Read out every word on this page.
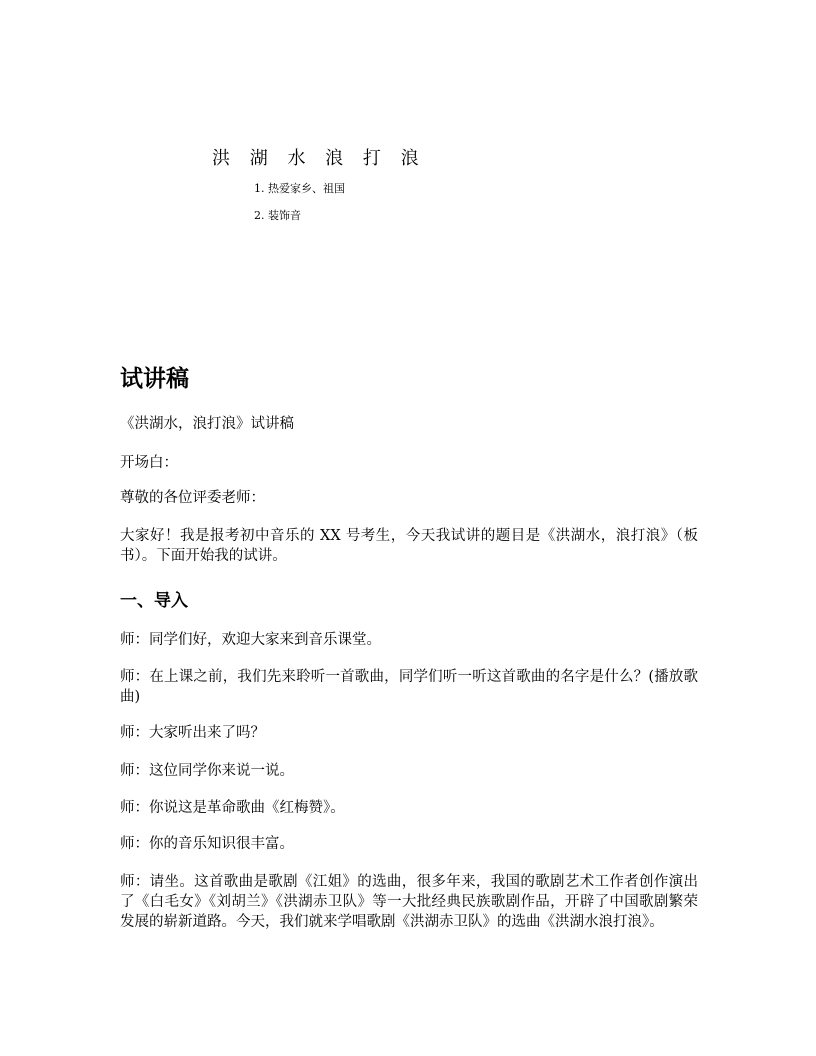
洪 湖 水 浪 打 浪
1. 热爱家乡、祖国
2. 装饰音
试讲稿
《洪湖水，浪打浪》试讲稿
开场白：
尊敬的各位评委老师：
大家好！我是报考初中音乐的 XX 号考生，今天我试讲的题目是《洪湖水，浪打浪》（板书）。下面开始我的试讲。
一、导入
师：同学们好，欢迎大家来到音乐课堂。
师：在上课之前，我们先来聆听一首歌曲，同学们听一听这首歌曲的名字是什么？(播放歌曲)
师：大家听出来了吗？
师：这位同学你来说一说。
师：你说这是革命歌曲《红梅赞》。
师：你的音乐知识很丰富。
师：请坐。这首歌曲是歌剧《江姐》的选曲，很多年来，我国的歌剧艺术工作者创作演出了《白毛女》《刘胡兰》《洪湖赤卫队》等一大批经典民族歌剧作品，开辟了中国歌剧繁荣发展的崭新道路。今天，我们就来学唱歌剧《洪湖赤卫队》的选曲《洪湖水浪打浪》。
